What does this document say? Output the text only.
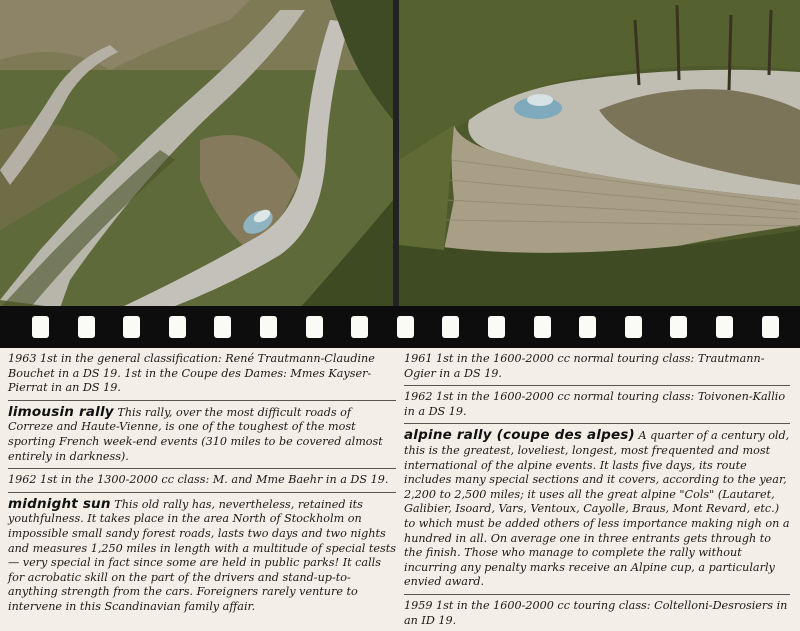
1963 1st in the general classification: René Trautmann-Claudine Bouchet in a DS 19. 1st in the Coupe des Dames: Mmes Kayser-Pierrat in an DS 19.

limousin rally This rally, over the most difficult roads of Correze and Haute-Vienne, is one of the toughest of the most sporting French week-end events (310 miles to be covered almost entirely in darkness).

1962 1st in the 1300-2000 cc class: M. and Mme Baehr in a DS 19.

midnight sun This old rally has, nevertheless, retained its youthfulness. It takes place in the area North of Stockholm on impossible small sandy forest roads, lasts two days and two nights and measures 1,250 miles in length with a multitude of special tests — very special in fact since some are held in public parks! It calls for acrobatic skill on the part of the drivers and stand-up-to-anything strength from the cars. Foreigners rarely venture to intervene in this Scandinavian family affair.

1961 1st in the 1600-2000 cc normal touring class: Trautmann-Ogier in a DS 19.

1962 1st in the 1600-2000 cc normal touring class: Toivonen-Kallio in a DS 19.

alpine rally (coupe des alpes) A quarter of a century old, this is the greatest, loveliest, longest, most frequented and most international of the alpine events. It lasts five days, its route includes many special sections and it covers, according to the year, 2,200 to 2,500 miles; it uses all the great alpine "Cols" (Lautaret, Galibier, Isoard, Vars, Ventoux, Cayolle, Braus, Mont Revard, etc.) to which must be added others of less importance making nigh on a hundred in all. On average one in three entrants gets through to the finish. Those who manage to complete the rally without incurring any penalty marks receive an Alpine cup, a particularly envied award.

1959 1st in the 1600-2000 cc touring class: Coltelloni-Desrosiers in an ID 19.
